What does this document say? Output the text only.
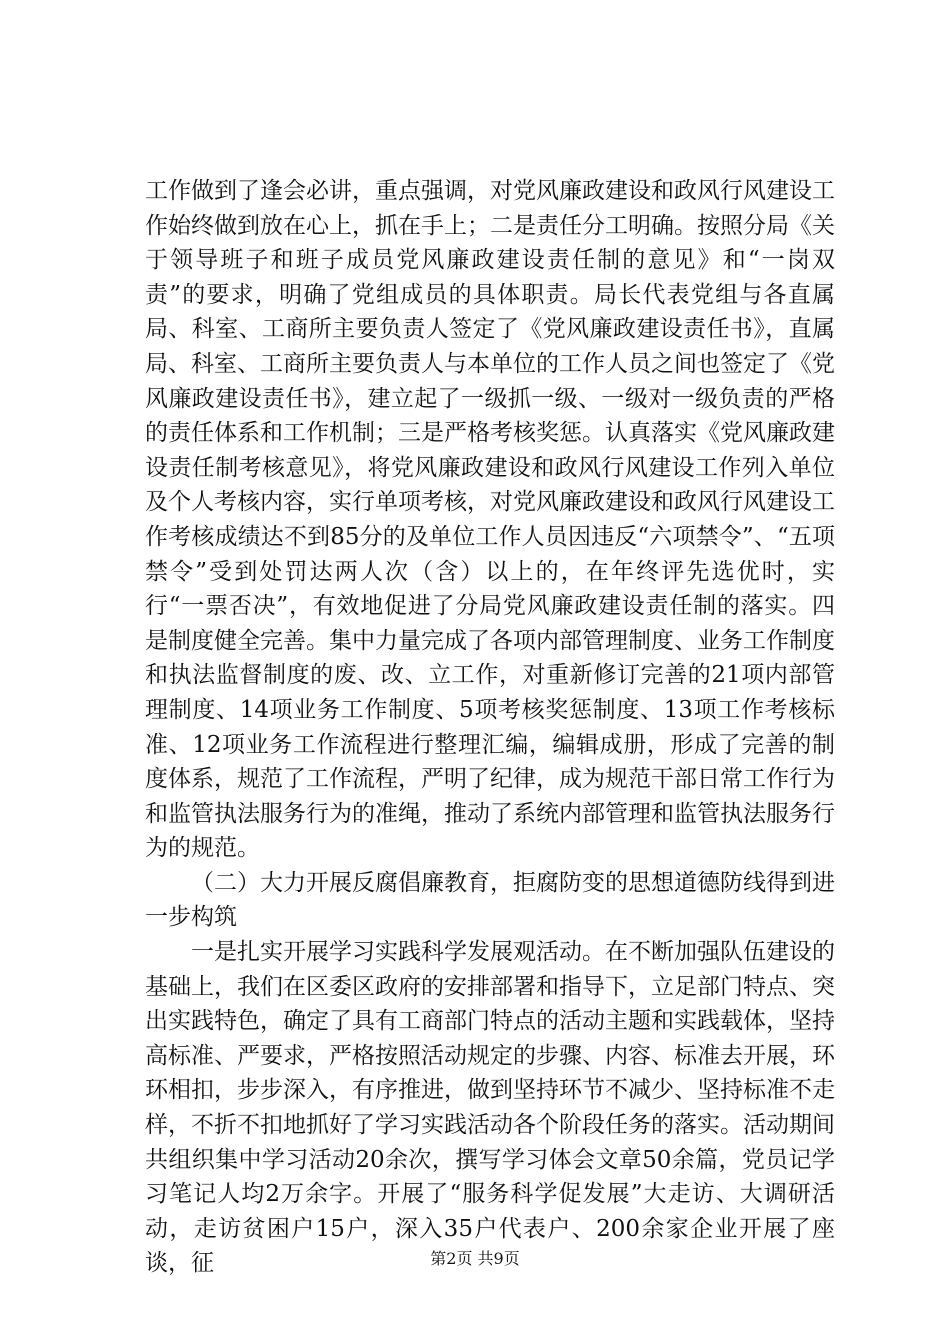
工作做到了逢会必讲，重点强调，对党风廉政建设和政风行风建设工作始终做到放在心上，抓在手上；二是责任分工明确。按照分局《关于领导班子和班子成员党风廉政建设责任制的意见》和“一岗双责”的要求，明确了党组成员的具体职责。局长代表党组与各直属局、科室、工商所主要负责人签定了《党风廉政建设责任书》，直属局、科室、工商所主要负责人与本单位的工作人员之间也签定了《党风廉政建设责任书》，建立起了一级抓一级、一级对一级负责的严格的责任体系和工作机制；三是严格考核奖惩。认真落实《党风廉政建设责任制考核意见》，将党风廉政建设和政风行风建设工作列入单位及个人考核内容，实行单项考核，对党风廉政建设和政风行风建设工作考核成绩达不到85分的及单位工作人员因违反“六项禁令”、“五项禁令”受到处罚达两人次（含）以上的，在年终评先选优时，实行“一票否决”，有效地促进了分局党风廉政建设责任制的落实。四是制度健全完善。集中力量完成了各项内部管理制度、业务工作制度和执法监督制度的废、改、立工作，对重新修订完善的21项内部管理制度、14项业务工作制度、5项考核奖惩制度、13项工作考核标准、12项业务工作流程进行整理汇编，编辑成册，形成了完善的制度体系，规范了工作流程，严明了纪律，成为规范干部日常工作行为和监管执法服务行为的准绳，推动了系统内部管理和监管执法服务行为的规范。

（二）大力开展反腐倡廉教育，拒腐防变的思想道德防线得到进一步构筑

一是扎实开展学习实践科学发展观活动。在不断加强队伍建设的基础上，我们在区委区政府的安排部署和指导下，立足部门特点、突出实践特色，确定了具有工商部门特点的活动主题和实践载体，坚持高标准、严要求，严格按照活动规定的步骤、内容、标准去开展，环环相扣，步步深入，有序推进，做到坚持环节不减少、坚持标准不走样，不折不扣地抓好了学习实践活动各个阶段任务的落实。活动期间共组织集中学习活动20余次，撰写学习体会文章50余篇，党员记学习笔记人均2万余字。开展了“服务科学促发展”大走访、大调研活动，走访贫困户15户，深入35户代表户、200余家企业开展了座谈，征	第2页 共9页
